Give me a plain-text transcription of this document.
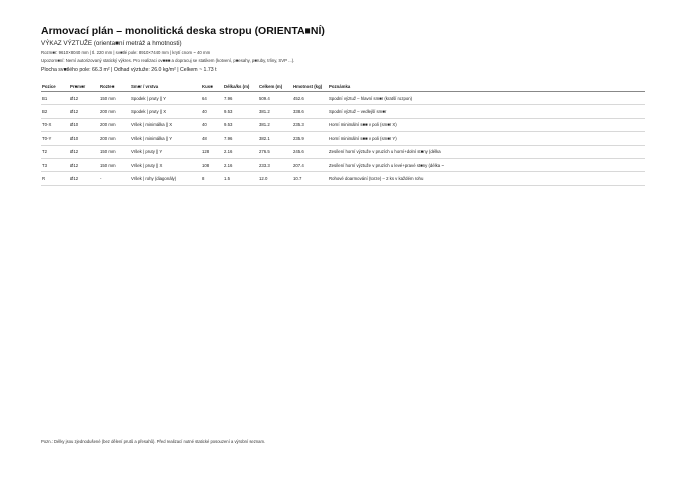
Armovací plán – monolitická deska stropu (ORIENTA■NÍ)
VÝKAZ VÝZTUŽE (orienta■ní metráž a hmotnosti)
Rozm■r: 9610×8040 mm | tl. 220 mm | sv■tlé pole: 8910×7440 mm | krytí cnom ~ 40 mm
Upozorn■ní: Nemí autorizovaný statický výkres. Pro realizaci ov■■■ a dopracuj se statikem (kotvení, p■esahy, p■ruby, trliny, SVP ...).
Plocha sv■tlého pole: 66.3 m² | Odhad výztuže: 26.0 kg/m² | Celkem ~ 1.73 t
Pozice	Pr■m■r	Rozte■	Sm■r / vrstva	Kus■	Délka/ks (m)	Celkem (m)	Hmotnost (kg)	Poznámka
B1	Ø12	150 mm	Spodek | pruty || Y	64	7.96	509.4	452.6	Spodní výztuž – hlavní sm■r (kratší rozpon)
B2	Ø12	200 mm	Spodek | pruty || X	40	9.53	381.2	338.6	Spodní výztuž – vedlejší sm■r
T0-X	Ø10	200 mm	Vršek | minimálka || X	40	9.53	381.2	235.3	Horní minimální s■■ v poli (sm■r X)
T0-Y	Ø10	200 mm	Vršek | minimálka || Y	48	7.96	382.1	235.9	Horní minimální s■■ v poli (sm■r Y)
T2	Ø12	150 mm	Vršek | pruty || Y	128	2.16	276.5	245.6	Zesílení horní výztuže v pruzích u horní+dolní st■ny (délka
T3	Ø12	150 mm	Vršek | pruty || X	108	2.16	233.3	207.4	Zesílení horní výztuže v pruzích u levé+pravé st■ny (délka ~
R	Ø12	-	Vršek | rohy (diagonály)	8	1.5	12.0	10.7	Rohové doarmování (torze) – 2 ks v každém rohu
Pozn.: Délky jsou zjednodušené (bez dělení prutů a přesahů). Před realizací nutné statické posouzení a výrobní seznam.
